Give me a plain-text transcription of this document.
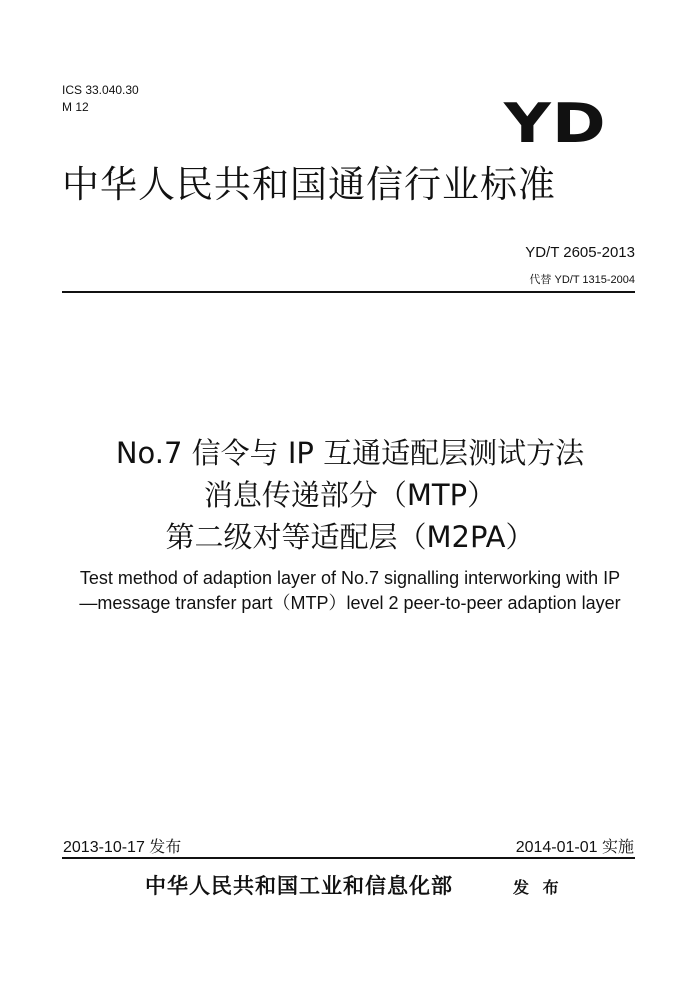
ICS 33.040.30
M 12	YD
中华人民共和国通信行业标准
YD/T 2605-2013
代替 YD/T 1315-2004
No.7 信令与 IP 互通适配层测试方法
消息传递部分（MTP）
第二级对等适配层（M2PA）
Test method of adaption layer of No.7 signalling interworking with IP
—message transfer part（MTP）level 2 peer-to-peer adaption layer
2013-10-17 发布	2014-01-01 实施
中华人民共和国工业和信息化部	发 布
